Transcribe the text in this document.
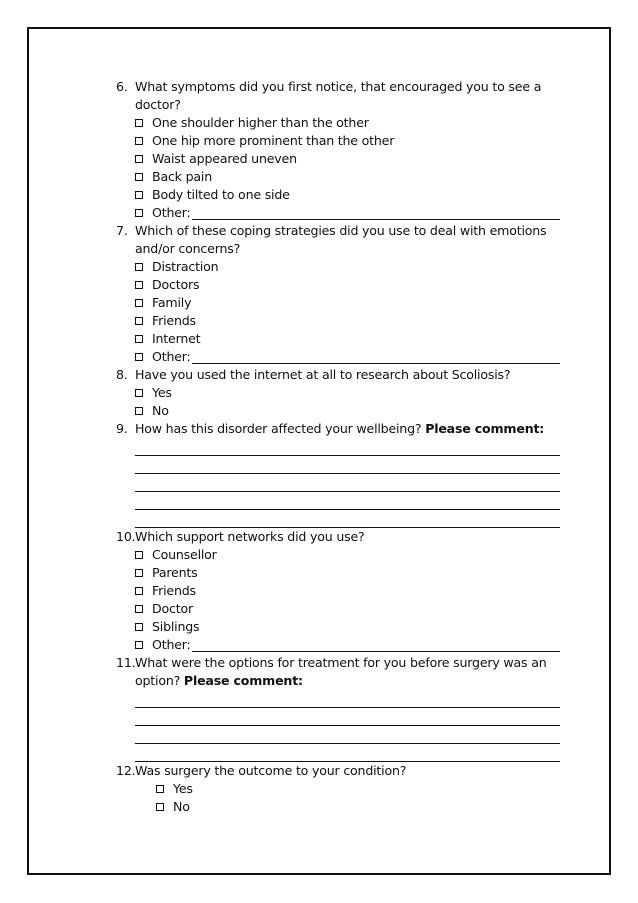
6. What symptoms did you first notice, that encouraged you to see a
doctor?
One shoulder higher than the other
One hip more prominent than the other
Waist appeared uneven
Back pain
Body tilted to one side
Other:
7. Which of these coping strategies did you use to deal with emotions
and/or concerns?
Distraction
Doctors
Family
Friends
Internet
Other:
8. Have you used the internet at all to research about Scoliosis?
Yes
No
9. How has this disorder affected your wellbeing? Please comment:
10. Which support networks did you use?
Counsellor
Parents
Friends
Doctor
Siblings
Other:
11. What were the options for treatment for you before surgery was an
option? Please comment:
12. Was surgery the outcome to your condition?
Yes
No
